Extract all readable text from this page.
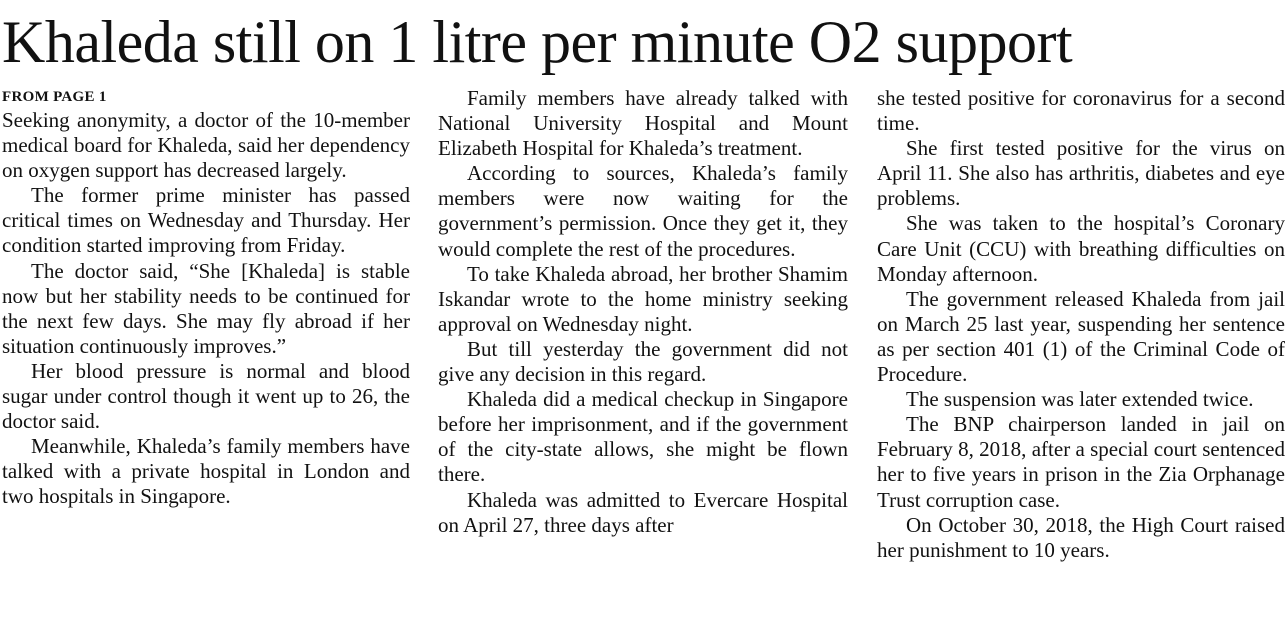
Khaleda still on 1 litre per minute O2 support
FROM PAGE 1

Seeking anonymity, a doctor of the 10-member medical board for Khaleda, said her dependency on oxygen support has decreased largely.

The former prime minister has passed critical times on Wednesday and Thursday. Her condition started improving from Friday.

The doctor said, “She [Khaleda] is stable now but her stability needs to be continued for the next few days. She may fly abroad if her situation continuously improves.”

Her blood pressure is normal and blood sugar under control though it went up to 26, the doctor said.

Meanwhile, Khaleda’s family members have talked with a private hospital in London and two hospitals in Singapore.

Family members have already talked with National University Hospital and Mount Elizabeth Hospital for Khaleda’s treatment.

According to sources, Khaleda’s family members were now waiting for the government’s permission. Once they get it, they would complete the rest of the procedures.

To take Khaleda abroad, her brother Shamim Iskandar wrote to the home ministry seeking approval on Wednesday night.

But till yesterday the government did not give any decision in this regard.

Khaleda did a medical checkup in Singapore before her imprisonment, and if the government of the city-state allows, she might be flown there.

Khaleda was admitted to Evercare Hospital on April 27, three days after

she tested positive for coronavirus for a second time.

She first tested positive for the virus on April 11. She also has arthritis, diabetes and eye problems.

She was taken to the hospital’s Coronary Care Unit (CCU) with breathing difficulties on Monday afternoon.

The government released Khaleda from jail on March 25 last year, suspending her sentence as per section 401 (1) of the Criminal Code of Procedure.

The suspension was later extended twice.

The BNP chairperson landed in jail on February 8, 2018, after a special court sentenced her to five years in prison in the Zia Orphanage Trust corruption case.

On October 30, 2018, the High Court raised her punishment to 10 years.
